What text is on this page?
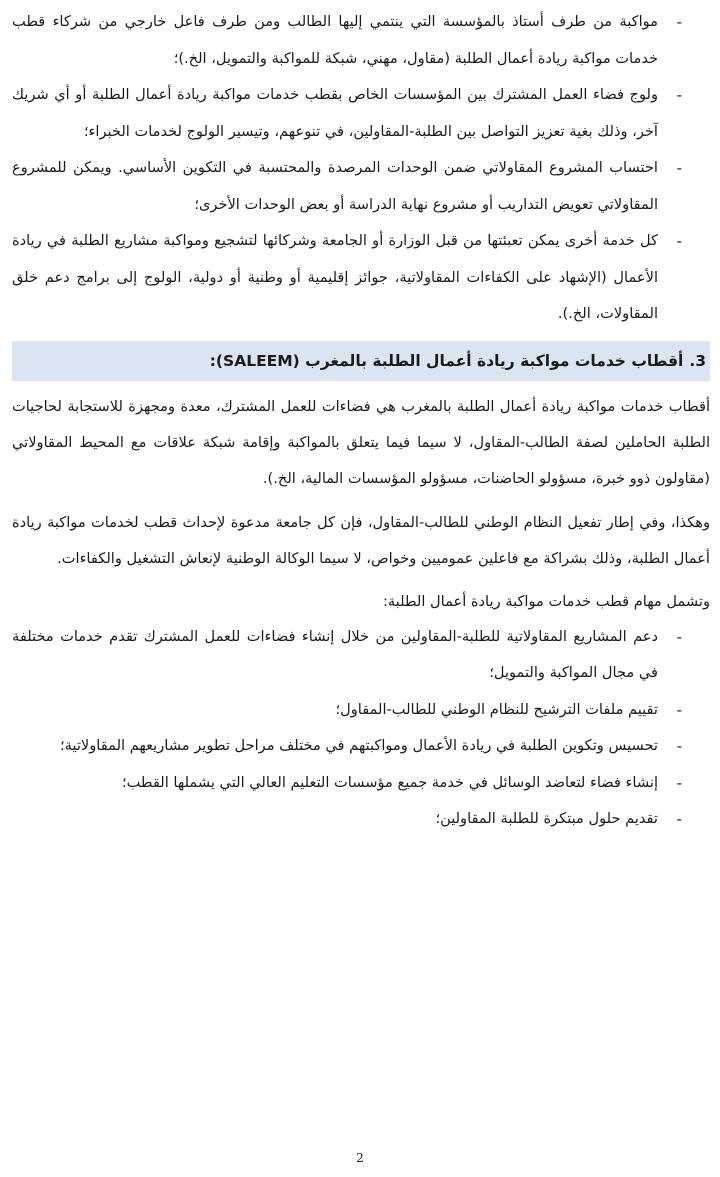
-
مواكبة من طرف أستاذ بالمؤسسة التي ينتمي إليها الطالب ومن طرف فاعل خارجي من شركاء قطب خدمات مواكبة ريادة أعمال الطلبة (مقاول، مهني، شبكة للمواكبة والتمويل، الخ.)؛
-
ولوج فضاء العمل المشترك بين المؤسسات الخاص بقطب خدمات مواكبة ريادة أعمال الطلبة أو أي شريك آخر، وذلك بغية تعزيز التواصل بين الطلبة-المقاولين، في تنوعهم، وتيسير الولوج لخدمات الخبراء؛
-
احتساب المشروع المقاولاتي ضمن الوحدات المرصدة والمحتسبة في التكوين الأساسي. ويمكن للمشروع المقاولاتي تعويض التداريب أو مشروع نهاية الدراسة أو بعض الوحدات الأخرى؛
-
كل خدمة أخرى يمكن تعبئتها من قبل الوزارة أو الجامعة وشركائها لتشجيع ومواكبة مشاريع الطلبة في ريادة الأعمال (الإشهاد على الكفاءات المقاولاتية، جوائز إقليمية أو وطنية أو دولية، الولوج إلى برامج دعم خلق المقاولات، الخ.).
3.أقطاب خدمات مواكبة ريادة أعمال الطلبة بالمغرب (SALEEM):

أقطاب خدمات مواكبة ريادة أعمال الطلبة بالمغرب هي فضاءات للعمل المشترك، معدة ومجهزة للاستجابة لحاجيات الطلبة الحاملين لصفة الطالب-المقاول، لا سيما فيما يتعلق بالمواكبة وإقامة شبكة علاقات مع المحيط المقاولاتي (مقاولون ذوو خبرة، مسؤولو الحاضنات، مسؤولو المؤسسات المالية، الخ.).

وهكذا، وفي إطار تفعيل النظام الوطني للطالب-المقاول، فإن كل جامعة مدعوة لإحداث قطب لخدمات مواكبة ريادة أعمال الطلبة، وذلك بشراكة مع فاعلين عموميين وخواص، لا سيما الوكالة الوطنية لإنعاش التشغيل والكفاءات.

وتشمل مهام قطب خدمات مواكبة ريادة أعمال الطلبة:

-
دعم المشاريع المقاولاتية للطلبة-المقاولين من خلال إنشاء فضاءات للعمل المشترك تقدم خدمات مختلفة في مجال المواكبة والتمويل؛
-
تقييم ملفات الترشيح للنظام الوطني للطالب-المقاول؛
-
تحسيس وتكوين الطلبة في ريادة الأعمال ومواكبتهم في مختلف مراحل تطوير مشاريعهم المقاولاتية؛
-
إنشاء فضاء لتعاضد الوسائل في خدمة جميع مؤسسات التعليم العالي التي يشملها القطب؛
-
تقديم حلول مبتكرة للطلبة المقاولين؛
2
